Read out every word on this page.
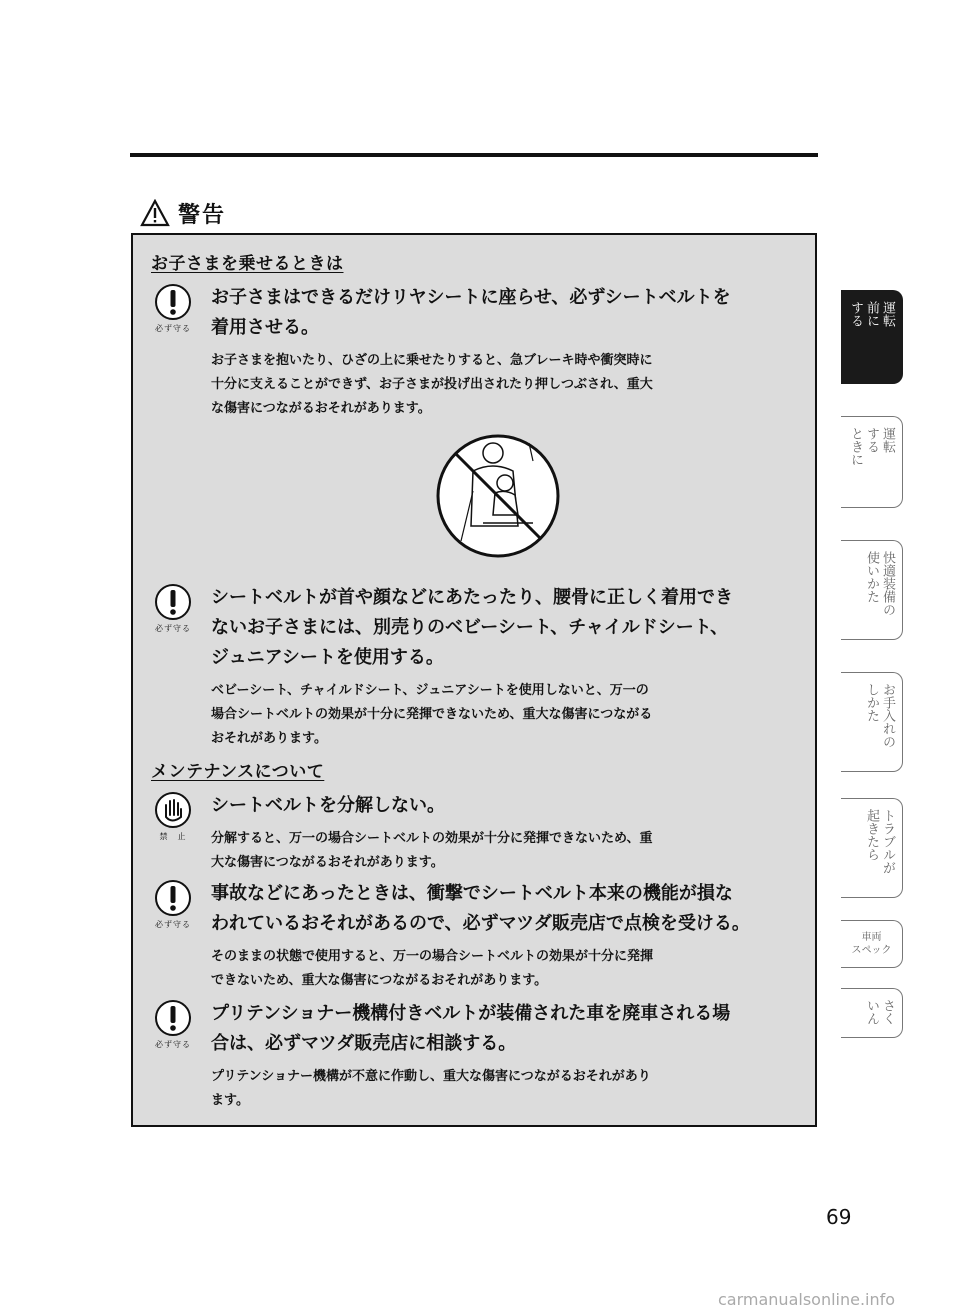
警告
お子さまを乗せるときは
必ず守る
お子さまはできるだけリヤシートに座らせ、必ずシートベルトを
着用させる。
お子さまを抱いたり、ひざの上に乗せたりすると、急ブレーキ時や衝突時に
十分に支えることができず、お子さまが投げ出されたり押しつぶされ、重大
な傷害につながるおそれがあります。
必ず守る
シートベルトが首や顔などにあたったり、腰骨に正しく着用でき
ないお子さまには、別売りのベビーシート、チャイルドシート、
ジュニアシートを使用する。
ベビーシート、チャイルドシート、ジュニアシートを使用しないと、万一の
場合シートベルトの効果が十分に発揮できないため、重大な傷害につながる
おそれがあります。
メンテナンスについて
禁　止
シートベルトを分解しない。
分解すると、万一の場合シートベルトの効果が十分に発揮できないため、重
大な傷害につながるおそれがあります。
必ず守る
事故などにあったときは、衝撃でシートベルト本来の機能が損な
われているおそれがあるので、必ずマツダ販売店で点検を受ける。
そのままの状態で使用すると、万一の場合シートベルトの効果が十分に発揮
できないため、重大な傷害につながるおそれがあります。
必ず守る
プリテンショナー機構付きベルトが装備された車を廃車される場
合は、必ずマツダ販売店に相談する。
プリテンショナー機構が不意に作動し、重大な傷害につながるおそれがあり
ます。
運転
前に
する
運転
する
ときに
快適装備の
使いかた
お手入れの
しかた
トラブルが
起きたら
車両
スペック
さく
いん
69
carmanualsonline.info
